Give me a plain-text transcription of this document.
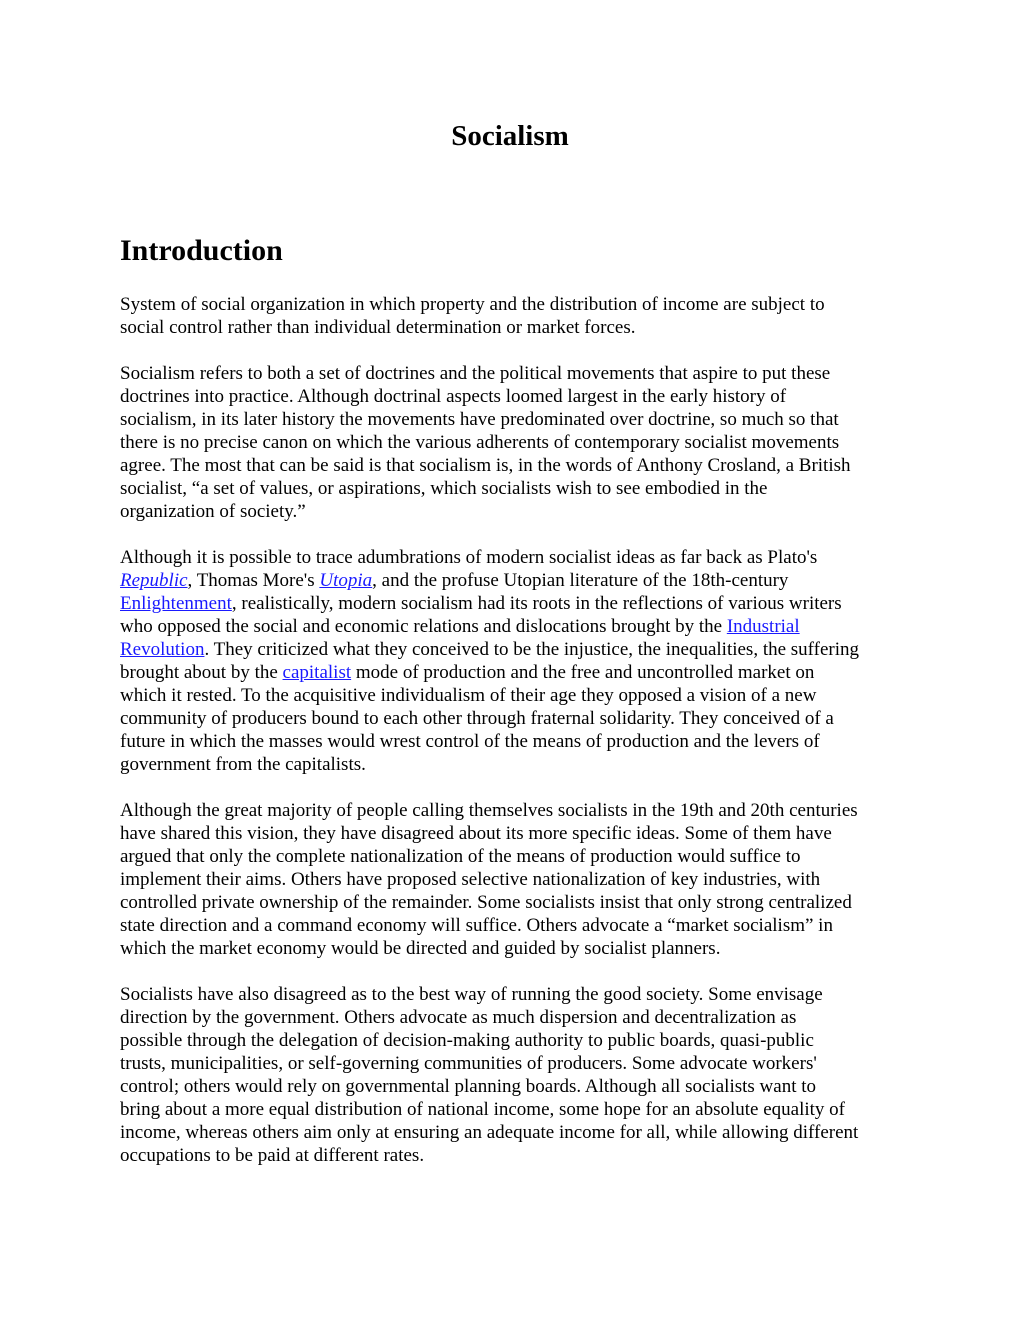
Socialism
Introduction

System of social organization in which property and the distribution of income are subject to
social control rather than individual determination or market forces.

Socialism refers to both a set of doctrines and the political movements that aspire to put these
doctrines into practice. Although doctrinal aspects loomed largest in the early history of
socialism, in its later history the movements have predominated over doctrine, so much so that
there is no precise canon on which the various adherents of contemporary socialist movements
agree. The most that can be said is that socialism is, in the words of Anthony Crosland, a British
socialist, “a set of values, or aspirations, which socialists wish to see embodied in the
organization of society.”

Although it is possible to trace adumbrations of modern socialist ideas as far back as Plato's
Republic, Thomas More's Utopia, and the profuse Utopian literature of the 18th-century
Enlightenment, realistically, modern socialism had its roots in the reflections of various writers
who opposed the social and economic relations and dislocations brought by the Industrial
Revolution. They criticized what they conceived to be the injustice, the inequalities, the suffering
brought about by the capitalist mode of production and the free and uncontrolled market on
which it rested. To the acquisitive individualism of their age they opposed a vision of a new
community of producers bound to each other through fraternal solidarity. They conceived of a
future in which the masses would wrest control of the means of production and the levers of
government from the capitalists.

Although the great majority of people calling themselves socialists in the 19th and 20th centuries
have shared this vision, they have disagreed about its more specific ideas. Some of them have
argued that only the complete nationalization of the means of production would suffice to
implement their aims. Others have proposed selective nationalization of key industries, with
controlled private ownership of the remainder. Some socialists insist that only strong centralized
state direction and a command economy will suffice. Others advocate a “market socialism” in
which the market economy would be directed and guided by socialist planners.

Socialists have also disagreed as to the best way of running the good society. Some envisage
direction by the government. Others advocate as much dispersion and decentralization as
possible through the delegation of decision-making authority to public boards, quasi-public
trusts, municipalities, or self-governing communities of producers. Some advocate workers'
control; others would rely on governmental planning boards. Although all socialists want to
bring about a more equal distribution of national income, some hope for an absolute equality of
income, whereas others aim only at ensuring an adequate income for all, while allowing different
occupations to be paid at different rates.
